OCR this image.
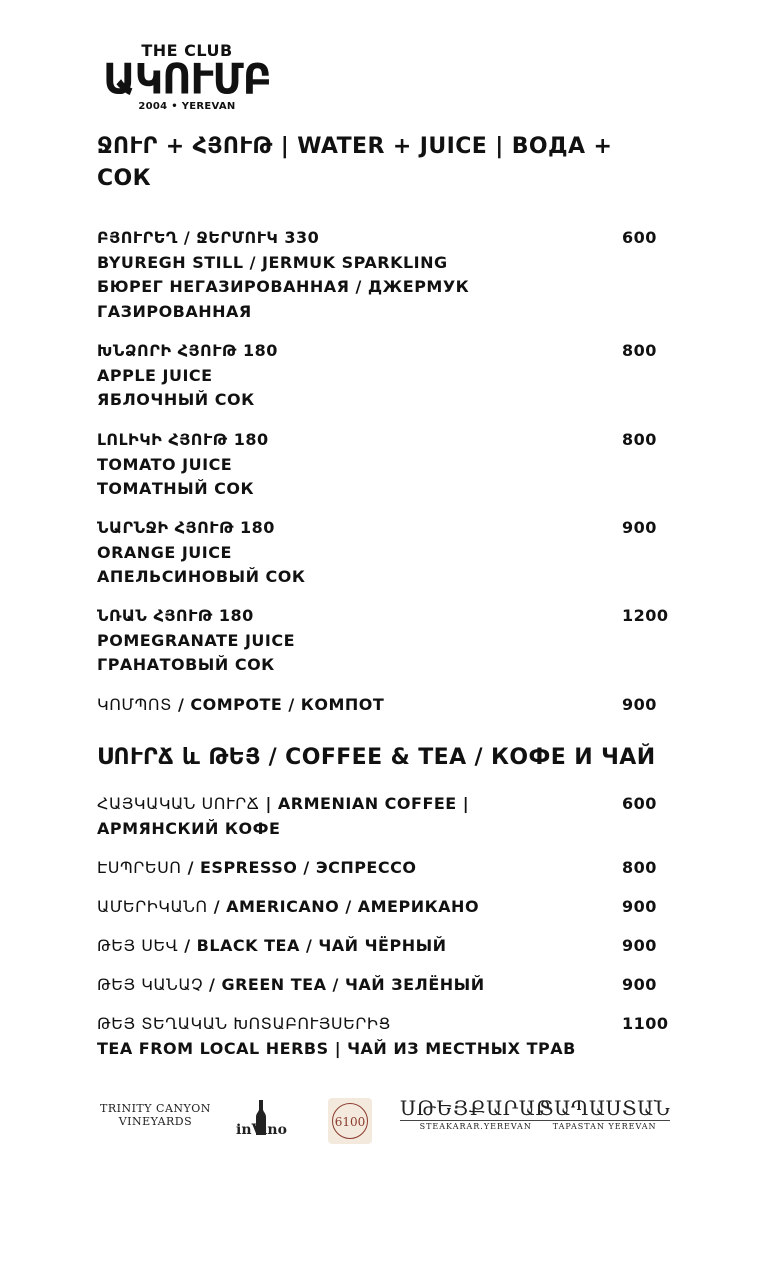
THE CLUB
ԱԿՈՒՄԲ
2004 • YEREVAN
ՋՈՒՐ + ՀՅՈՒԹ | WATER + JUICE | ВОДА +
СОК
ԲՅՈՒՐԵՂ / ՋԵՐՄՈՒԿ 330
BYUREGH STILL / JERMUK SPARKLING
БЮРЕГ НЕГАЗИРОВАННАЯ / ДЖЕРМУК
ГАЗИРОВАННАЯ
600
ԽՆՁՈՐԻ ՀՅՈՒԹ 180
APPLE JUICE
ЯБЛОЧНЫЙ СОК
800
ԼՈԼԻԿԻ ՀՅՈՒԹ 180
TOMATO JUICE
ТОМАТНЫЙ СОК
800
ՆԱՐՆՋԻ ՀՅՈՒԹ 180
ORANGE JUICE
АПЕЛЬСИНОВЫЙ СОК
900
ՆՌԱՆ ՀՅՈՒԹ 180
POMEGRANATE JUICE
ГРАНАТОВЫЙ СОК
1200
ԿՈՄՊՈՏ / COMPOTE / КОМПОТ	900
ՍՈՒՐՃ և ԹԵՅ / COFFEE & TEA / КОФЕ И ЧАЙ
ՀԱՅԿԱԿԱՆ ՍՈՒՐՃ | ARMENIAN COFFEE |
АРМЯНСКИЙ КОФЕ
600
ԷՍՊՐԵՍՈ / ESPRESSO / ЭСПРЕССО	800
ԱՄԵՐԻԿԱՆՈ / AMERICANO / АМЕРИКАНО	900
ԹԵՅ ՍԵՎ / BLACK TEA / ЧАЙ ЧЁРНЫЙ	900
ԹԵՅ ԿԱՆԱՉ / GREEN TEA / ЧАЙ ЗЕЛЁНЫЙ	900
ԹԵՅ ՏԵՂԱԿԱՆ ԽՈՏԱԲՈՒՅՍԵՐԻՑ
TEA FROM LOCAL HERBS | ЧАЙ ИЗ МЕСТНЫХ ТРАВ
1100
TRINITY CANYON
VINEYARDS
inVino	6100
ՍԹԵՅՔԱՐԱՐ
STEAKARAR.YEREVAN
ՏԱՊԱՍՏԱՆ
TAPASTAN YEREVAN
